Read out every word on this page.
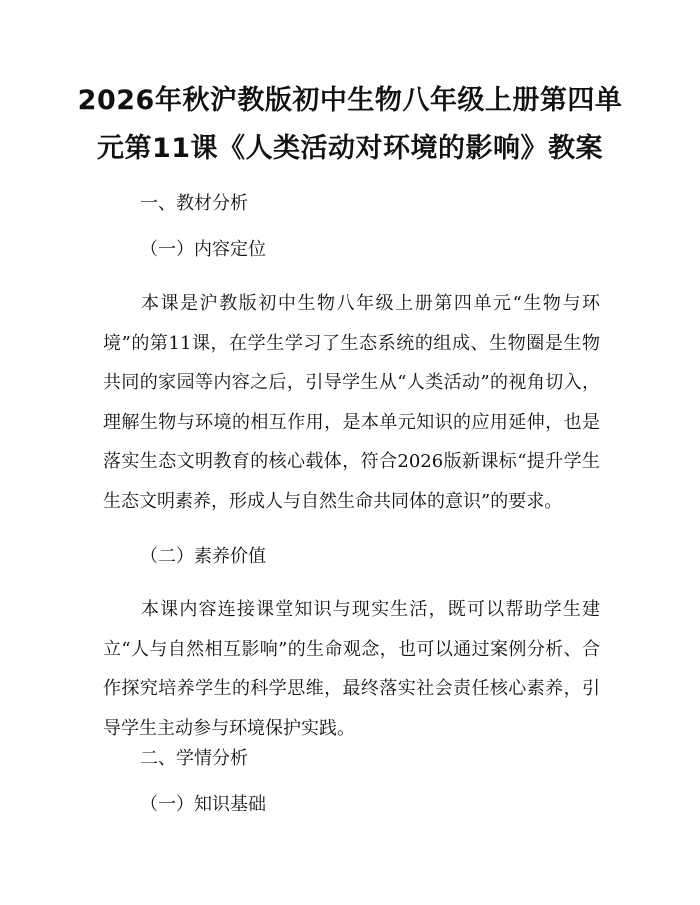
2026年秋沪教版初中生物八年级上册第四单
元第11课《人类活动对环境的影响》教案
一、教材分析
（一）内容定位
本课是沪教版初中生物八年级上册第四单元“生物与环境”的第11课，在学生学习了生态系统的组成、生物圈是生物共同的家园等内容之后，引导学生从“人类活动”的视角切入，理解生物与环境的相互作用，是本单元知识的应用延伸，也是落实生态文明教育的核心载体，符合2026版新课标“提升学生生态文明素养，形成人与自然生命共同体的意识”的要求。
（二）素养价值
本课内容连接课堂知识与现实生活，既可以帮助学生建立“人与自然相互影响”的生命观念，也可以通过案例分析、合作探究培养学生的科学思维，最终落实社会责任核心素养，引导学生主动参与环境保护实践。
二、学情分析
（一）知识基础
